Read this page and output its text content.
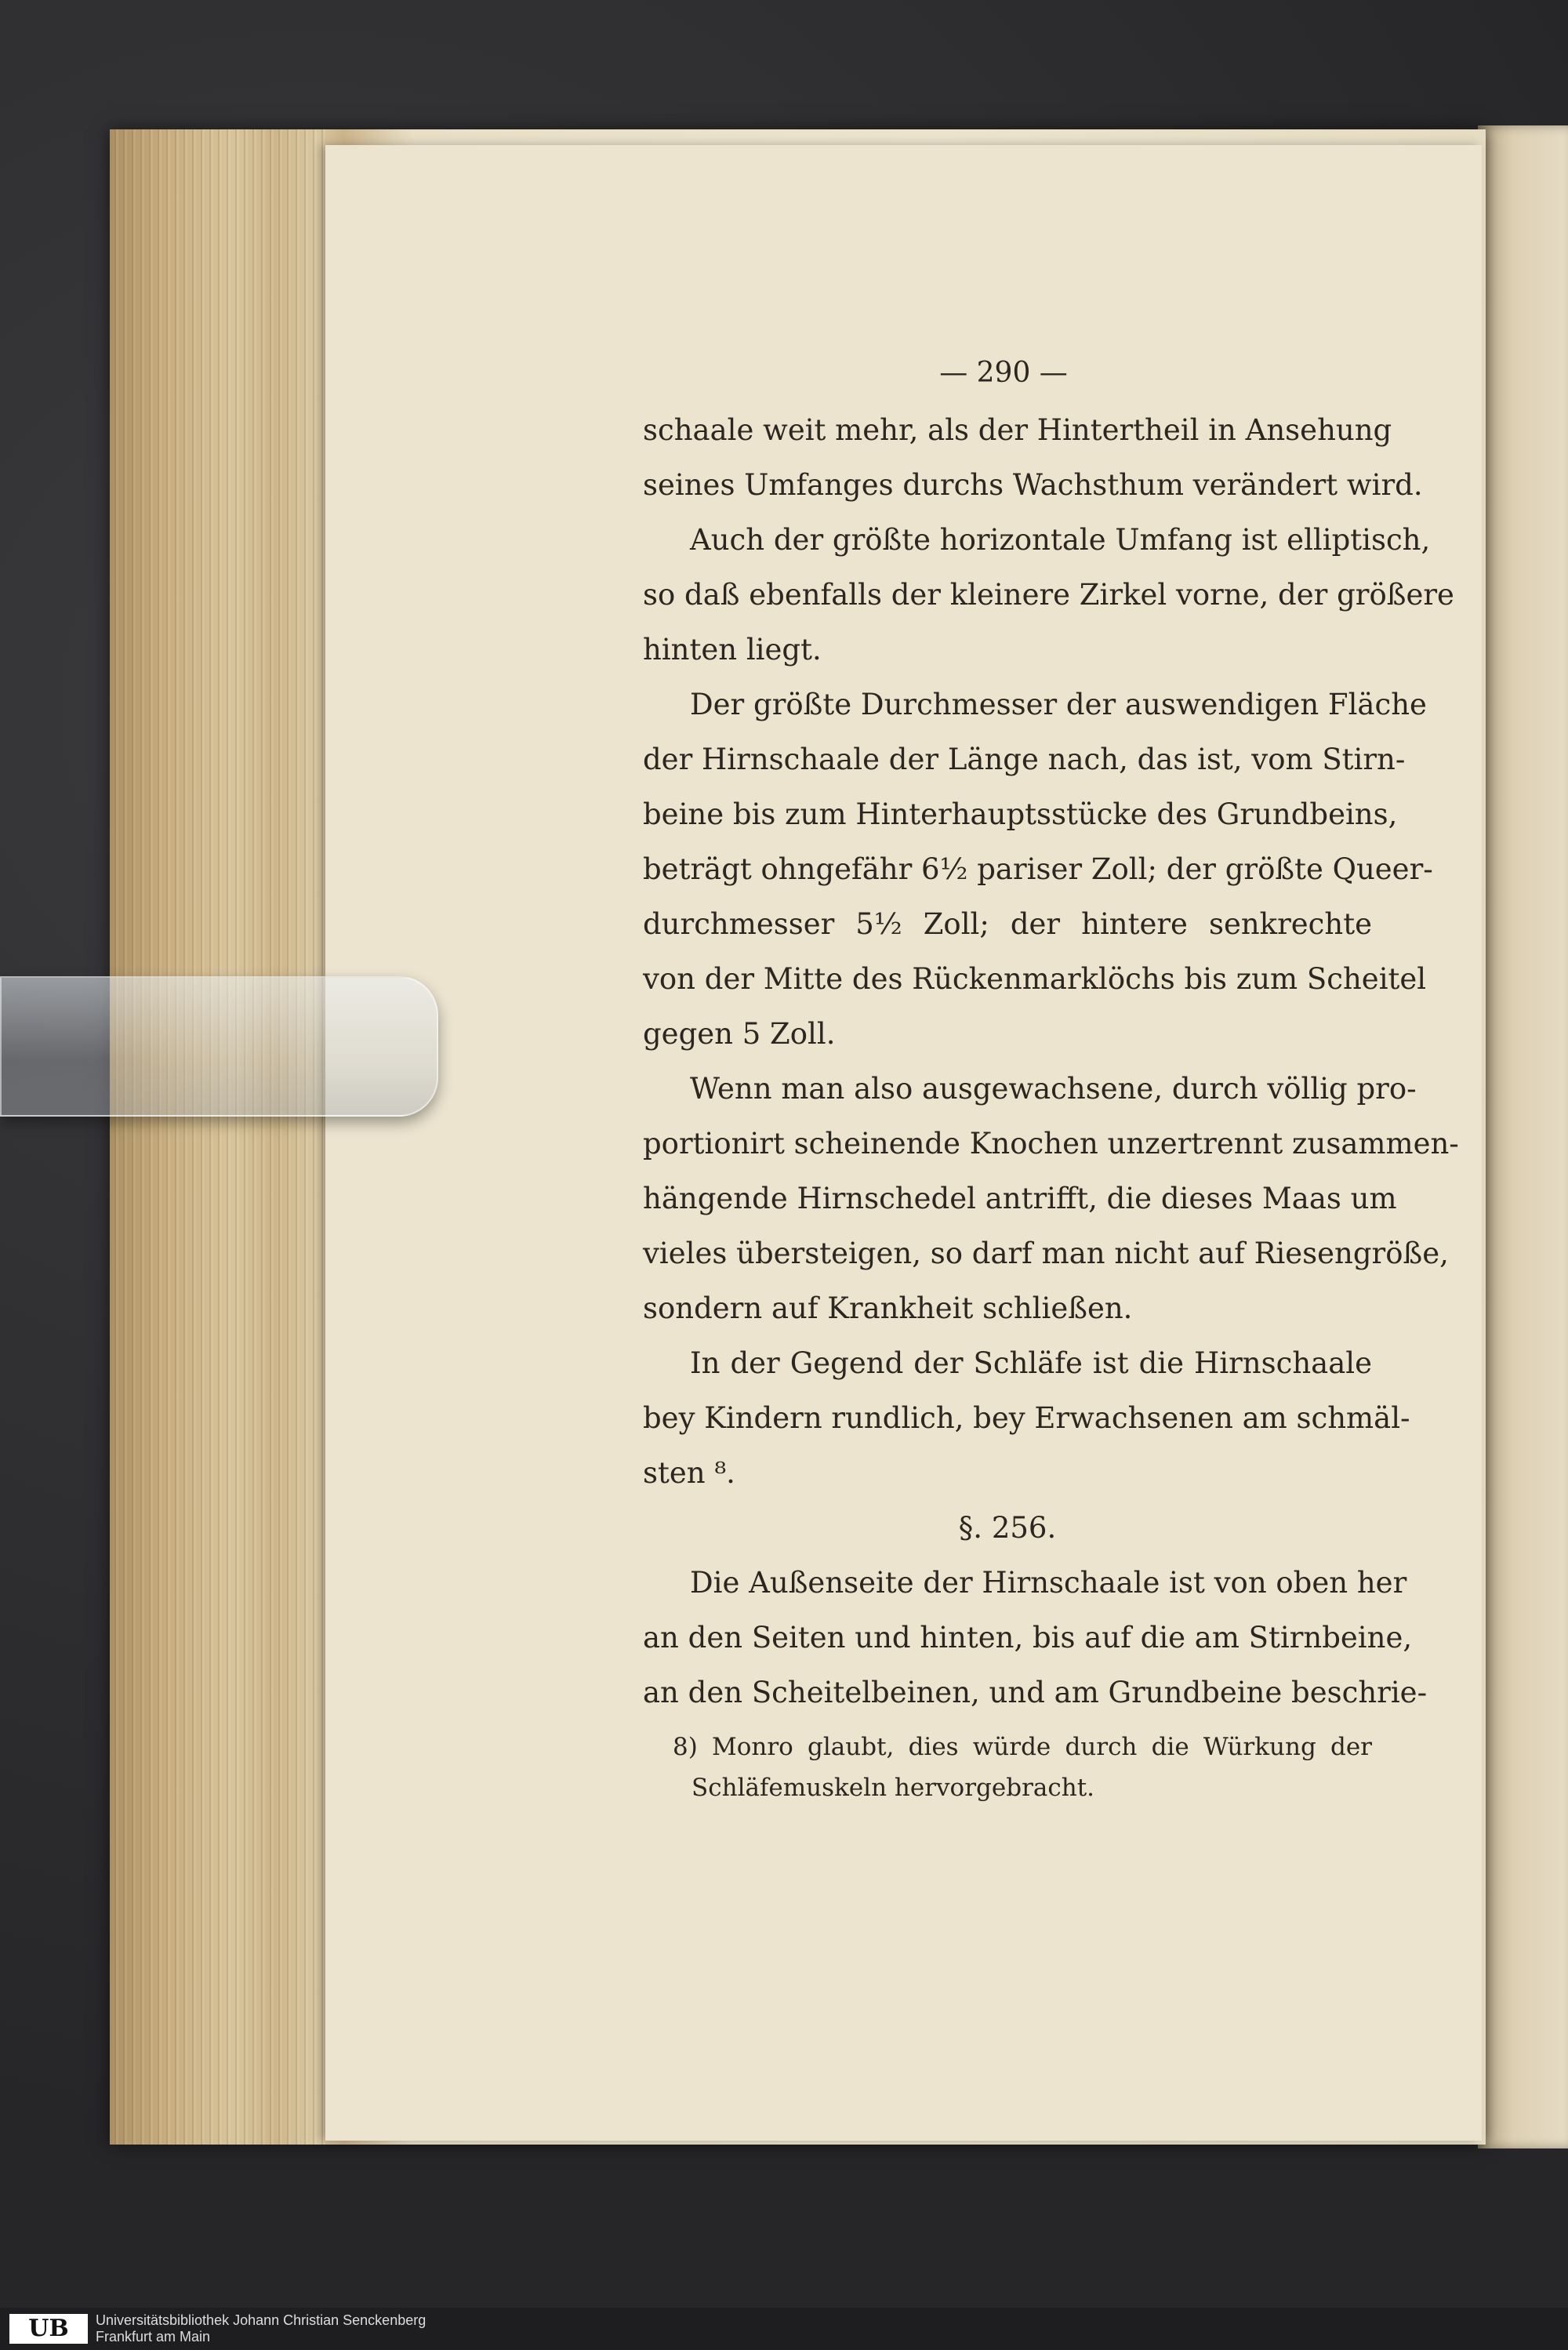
— 290 —
schaale weit mehr, als der Hintertheil in Ansehung
seines Umfanges durchs Wachsthum verändert wird.
Auch der größte horizontale Umfang ist elliptisch,
so daß ebenfalls der kleinere Zirkel vorne, der größere
hinten liegt.
Der größte Durchmesser der auswendigen Fläche
der Hirnschaale der Länge nach, das ist, vom Stirn-
beine bis zum Hinterhauptsstücke des Grundbeins,
beträgt ohngefähr 6½ pariser Zoll; der größte Queer-
durchmesser 5½ Zoll; der hintere senkrechte
von der Mitte des Rückenmarklöchs bis zum Scheitel
gegen 5 Zoll.
Wenn man also ausgewachsene, durch völlig pro-
portionirt scheinende Knochen unzertrennt zusammen-
hängende Hirnschedel antrifft, die dieses Maas um
vieles übersteigen, so darf man nicht auf Riesengröße,
sondern auf Krankheit schließen.
In der Gegend der Schläfe ist die Hirnschaale
bey Kindern rundlich, bey Erwachsenen am schmäl-
sten ⁸.
§. 256.
Die Außenseite der Hirnschaale ist von oben her
an den Seiten und hinten, bis auf die am Stirnbeine,
an den Scheitelbeinen, und am Grundbeine beschrie-
8) Monro glaubt, dies würde durch die Würkung der
Schläfemuskeln hervorgebracht.
UB	Universitätsbibliothek Johann Christian Senckenberg
Frankfurt am Main
